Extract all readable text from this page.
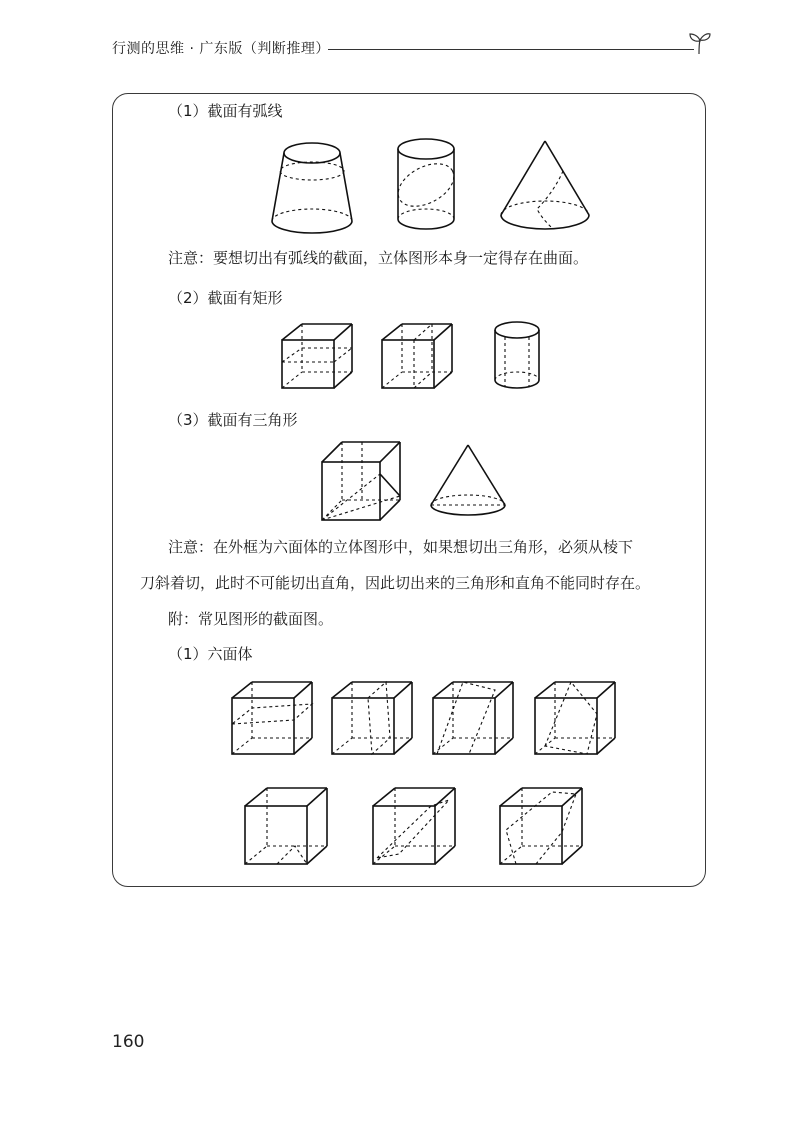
行测的思维 · 广东版（判断推理）
（1）截面有弧线
注意：要想切出有弧线的截面，立体图形本身一定得存在曲面。
（2）截面有矩形
（3）截面有三角形
注意：在外框为六面体的立体图形中，如果想切出三角形，必须从棱下
刀斜着切，此时不可能切出直角，因此切出来的三角形和直角不能同时存在。
附：常见图形的截面图。
（1）六面体
160
